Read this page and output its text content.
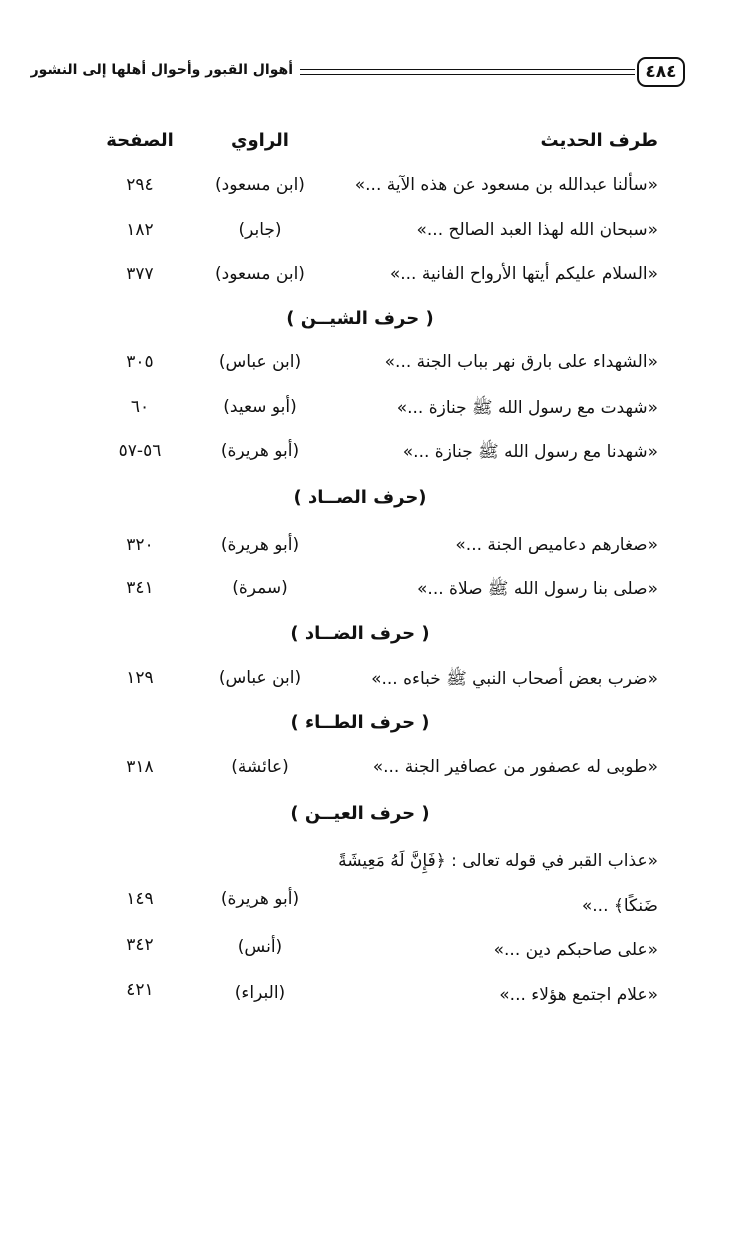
٤٨٤
أهوال القبور وأحوال أهلها إلى النشور
طرف الحديث
الراوي
الصفحة
«سألنا عبدالله بن مسعود عن هذه الآية ...»
(ابن مسعود)
٢٩٤
«سبحان الله لهذا العبد الصالح ...»
(جابر)
١٨٢
«السلام عليكم أيتها الأرواح الفانية ...»
(ابن مسعود)
٣٧٧
( حرف الشيــن )
«الشهداء على بارق نهر بباب الجنة ...»
(ابن عباس)
٣٠٥
«شهدت مع رسول الله ﷺ جنازة ...»
(أبو سعيد)
٦٠
«شهدنا مع رسول الله ﷺ جنازة ...»
(أبو هريرة)
٥٦-٥٧
(حرف الصــاد )
«صغارهم دعاميص الجنة ...»
(أبو هريرة)
٣٢٠
«صلى بنا رسول الله ﷺ صلاة ...»
(سمرة)
٣٤١
( حرف الضــاد )
«ضرب بعض أصحاب النبي ﷺ خباءه ...»
(ابن عباس)
١٢٩
( حرف الطــاء )
«طوبى له عصفور من عصافير الجنة ...»
(عائشة)
٣١٨
( حرف العيــن )
«عذاب القبر في قوله تعالى : ﴿فَإِنَّ لَهُ مَعِيشَةً
ضَنكًا﴾ ...»
(أبو هريرة)
١٤٩
«على صاحبكم دين ...»
(أنس)
٣٤٢
«علام اجتمع هؤلاء ...»
(البراء)
٤٢١
